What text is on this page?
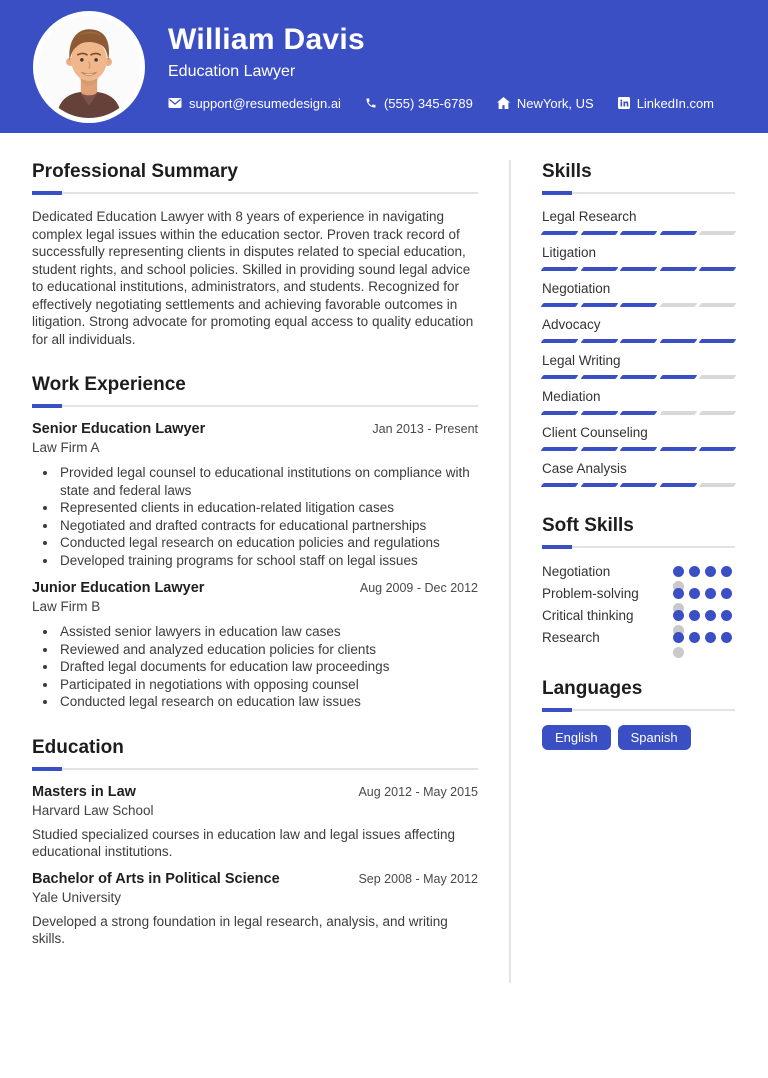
William Davis
Education Lawyer
support@resumedesign.ai	(555) 345-6789	NewYork, US	LinkedIn.com
Professional Summary

Dedicated Education Lawyer with 8 years of experience in navigating complex legal issues within the education sector. Proven track record of successfully representing clients in disputes related to special education, student rights, and school policies. Skilled in providing sound legal advice to educational institutions, administrators, and students. Recognized for effectively negotiating settlements and achieving favorable outcomes in litigation. Strong advocate for promoting equal access to quality education for all individuals.

Work Experience
Senior Education Lawyer	Jan 2013 - Present
Law Firm A
• Provided legal counsel to educational institutions on compliance with state and federal laws
• Represented clients in education-related litigation cases
• Negotiated and drafted contracts for educational partnerships
• Conducted legal research on education policies and regulations
• Developed training programs for school staff on legal issues
Junior Education Lawyer	Aug 2009 - Dec 2012
Law Firm B
• Assisted senior lawyers in education law cases
• Reviewed and analyzed education policies for clients
• Drafted legal documents for education law proceedings
• Participated in negotiations with opposing counsel
• Conducted legal research on education law issues
Education
Masters in Law	Aug 2012 - May 2015
Harvard Law School

Studied specialized courses in education law and legal issues affecting educational institutions.

Bachelor of Arts in Political Science	Sep 2008 - May 2012
Yale University

Developed a strong foundation in legal research, analysis, and writing skills.

Skills
Legal Research
Litigation
Negotiation
Advocacy
Legal Writing
Mediation
Client Counseling
Case Analysis
Soft Skills
Negotiation
Problem-solving
Critical thinking
Research
Languages
English	Spanish
